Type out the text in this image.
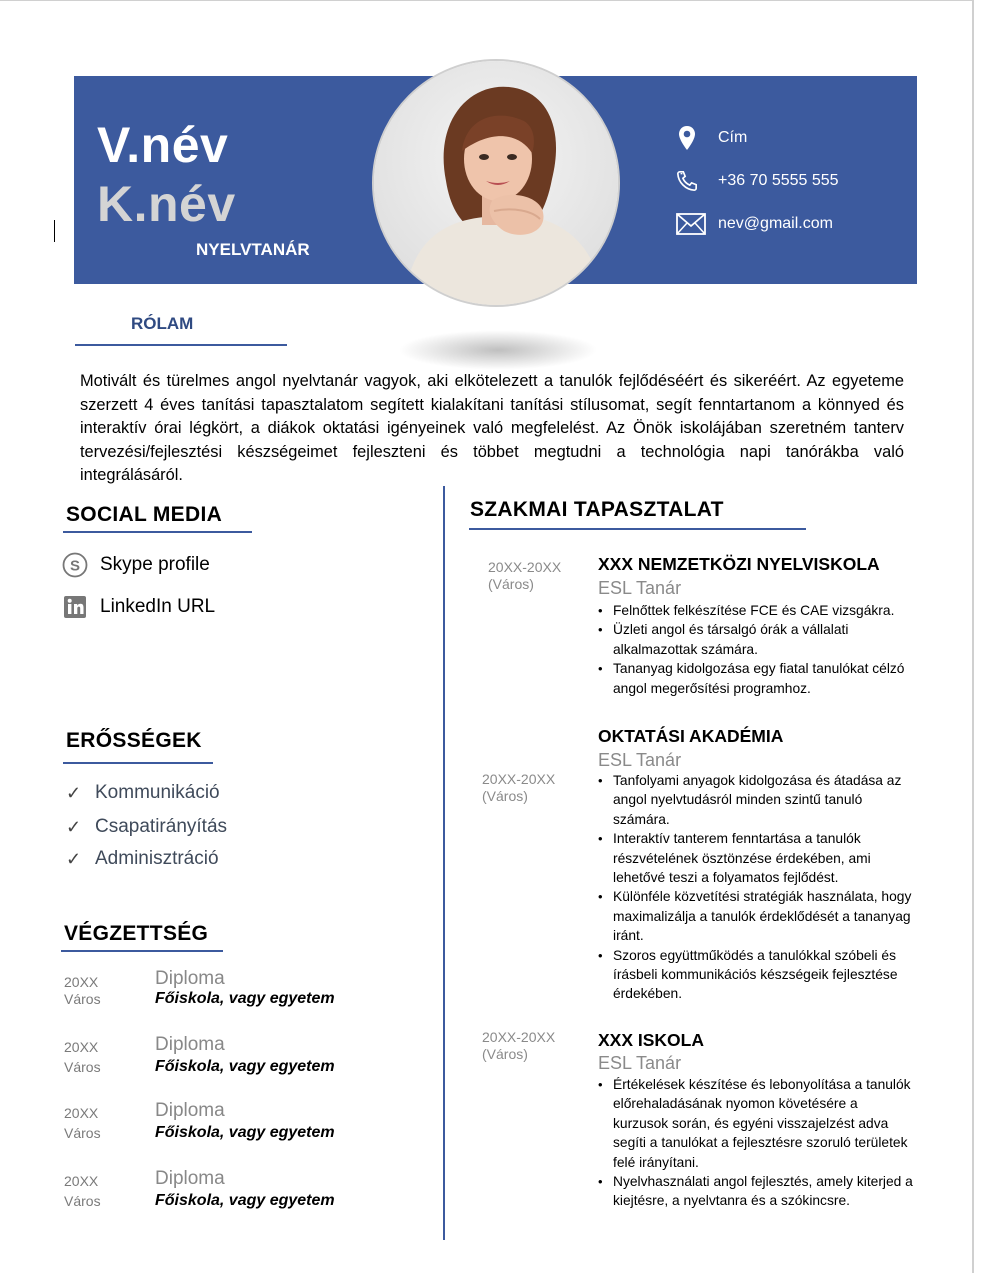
V.név
K.név
NYELVTANÁR
Cím
+36 70 5555 555
nev@gmail.com
RÓLAM
Motivált és türelmes angol nyelvtanár vagyok, aki elkötelezett a tanulók fejlődéséért és sikeréért. Az egyeteme szerzett 4 éves tanítási tapasztalatom segített kialakítani tanítási stílusomat, segít fenntartanom a könnyed és interaktív órai légkört, a diákok oktatási igényeinek való megfelelést. Az Önök iskolájában szeretném tanterv tervezési/fejlesztési készségeimet fejleszteni és többet megtudni a technológia napi tanórákba való integrálásáról.
SOCIAL MEDIA
S Skype profile
LinkedIn URL
ERŐSSÉGEK
✓ Kommunikáció
✓ Csapatirányítás
✓ Adminisztráció
VÉGZETTSÉG
20XX
Város
Diploma
Főiskola, vagy egyetem
20XX
Város
Diploma
Főiskola, vagy egyetem
20XX
Város
Diploma
Főiskola, vagy egyetem
20XX
Város
Diploma
Főiskola, vagy egyetem
SZAKMAI TAPASZTALAT
20XX-20XX
(Város)
XXX NEMZETKÖZI NYELVISKOLA
ESL Tanár
• Felnőttek felkészítése FCE és CAE vizsgákra.
• Üzleti angol és társalgó órák a vállalati alkalmazottak számára.
• Tananyag kidolgozása egy fiatal tanulókat célzó angol megerősítési programhoz.
20XX-20XX
(Város)
OKTATÁSI AKADÉMIA
ESL Tanár
• Tanfolyami anyagok kidolgozása és átadása az angol nyelvtudásról minden szintű tanuló számára.
• Interaktív tanterem fenntartása a tanulók részvételének ösztönzése érdekében, ami lehetővé teszi a folyamatos fejlődést.
• Különféle közvetítési stratégiák használata, hogy maximalizálja a tanulók érdeklődését a tananyag iránt.
• Szoros együttműködés a tanulókkal szóbeli és írásbeli kommunikációs készségeik fejlesztése érdekében.
20XX-20XX
(Város)
XXX ISKOLA
ESL Tanár
• Értékelések készítése és lebonyolítása a tanulók előrehaladásának nyomon követésére a kurzusok során, és egyéni visszajelzést adva segíti a tanulókat a fejlesztésre szoruló területek felé irányítani.
• Nyelvhasználati angol fejlesztés, amely kiterjed a kiejtésre, a nyelvtanra és a szókincsre.
